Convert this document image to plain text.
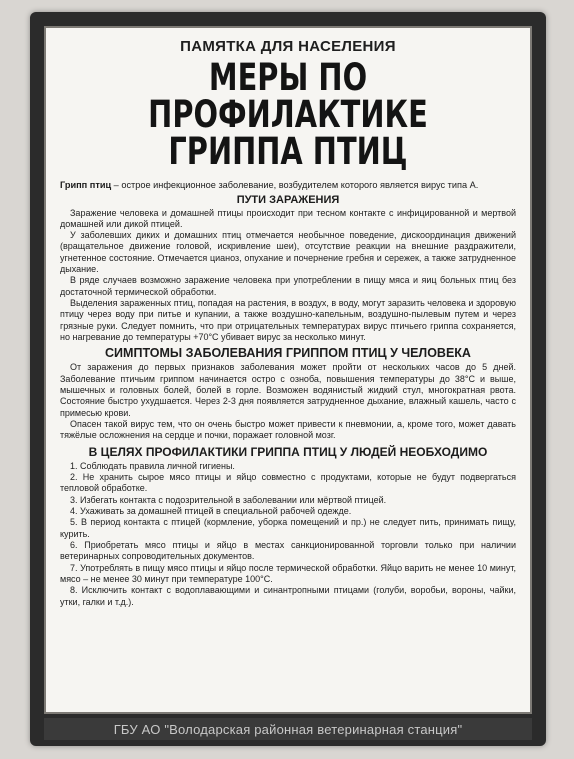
ПАМЯТКА ДЛЯ НАСЕЛЕНИЯ
МЕРЫ ПО ПРОФИЛАКТИКЕ
ГРИППА ПТИЦ

Грипп птиц – острое инфекционное заболевание, возбудителем которого является вирус типа А.

ПУТИ ЗАРАЖЕНИЯ

Заражение человека и домашней птицы происходит при тесном контакте с инфицированной и мертвой домашней или дикой птицей.

У заболевших диких и домашних птиц отмечается необычное поведение, дискоординация движений (вращательное движение головой, искривление шеи), отсутствие реакции на внешние раздражители, угнетенное состояние. Отмечается цианоз, опухание и почернение гребня и сережек, а также затрудненное дыхание.

В ряде случаев возможно заражение человека при употреблении в пищу мяса и яиц больных птиц без достаточной термической обработки.

Выделения зараженных птиц, попадая на растения, в воздух, в воду, могут заразить человека и здоровую птицу через воду при питье и купании, а также воздушно-капельным, воздушно-пылевым путем и через грязные руки. Следует помнить, что при отрицательных температурах вирус птичьего гриппа сохраняется, но нагревание до температуры +70°С убивает вирус за несколько минут.

СИМПТОМЫ ЗАБОЛЕВАНИЯ ГРИППОМ ПТИЦ У ЧЕЛОВЕКА

От заражения до первых признаков заболевания может пройти от нескольких часов до 5 дней. Заболевание птичьим гриппом начинается остро с озноба, повышения температуры до 38°С и выше, мышечных и головных болей, болей в горле. Возможен водянистый жидкий стул, многократная рвота. Состояние быстро ухудшается. Через 2-3 дня появляется затрудненное дыхание, влажный кашель, часто с примесью крови.

Опасен такой вирус тем, что он очень быстро может привести к пневмонии, а, кроме того, может давать тяжёлые осложнения на сердце и почки, поражает головной мозг.

В ЦЕЛЯХ ПРОФИЛАКТИКИ ГРИППА ПТИЦ У ЛЮДЕЙ НЕОБХОДИМО

1. Соблюдать правила личной гигиены.

2. Не хранить сырое мясо птицы и яйцо совместно с продуктами, которые не будут подвергаться тепловой обработке.

3. Избегать контакта с подозрительной в заболевании или мёртвой птицей.

4. Ухаживать за домашней птицей в специальной рабочей одежде.

5. В период контакта с птицей (кормление, уборка помещений и пр.) не следует пить, принимать пищу, курить.

6. Приобретать мясо птицы и яйцо в местах санкционированной торговли только при наличии ветеринарных сопроводительных документов.

7. Употреблять в пищу мясо птицы и яйцо после термической обработки. Яйцо варить не менее 10 минут, мясо – не менее 30 минут при температуре 100°С.

8. Исключить контакт с водоплавающими и синантропными птицами (голуби, воробьи, вороны, чайки, утки, галки и т.д.).

ГБУ АО "Володарская районная ветеринарная станция"
